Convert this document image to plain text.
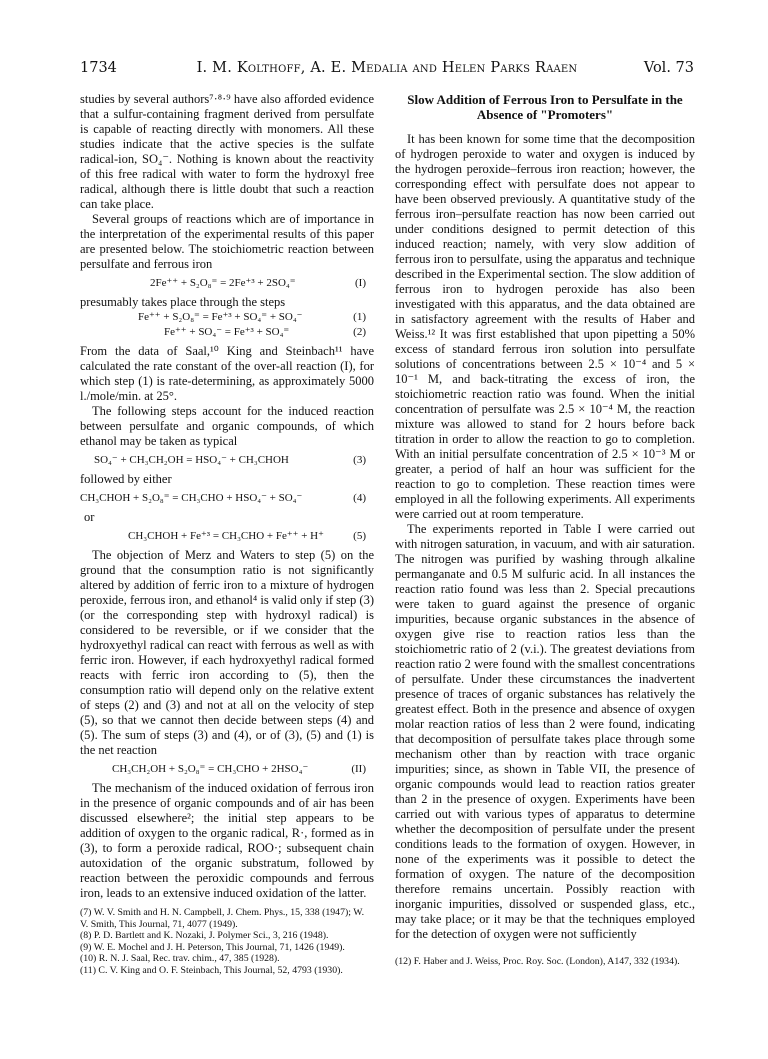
1734	I. M. Kolthoff, A. E. Medalia and Helen Parks Raaen	Vol. 73

studies by several authors⁷·⁸·⁹ have also afforded evidence that a sulfur-containing fragment derived from persulfate is capable of reacting directly with monomers. All these studies indicate that the active species is the sulfate radical-ion, SO₄⁻. Nothing is known about the reactivity of this free radical with water to form the hydroxyl free radical, although there is little doubt that such a reaction can take place.

Several groups of reactions which are of importance in the interpretation of the experimental results of this paper are presented below. The stoichiometric reaction between persulfate and ferrous iron

2Fe⁺⁺ + S₂O₈⁼ = 2Fe⁺³ + 2SO₄⁼	(I)

presumably takes place through the steps

Fe⁺⁺ + S₂O₈⁼ = Fe⁺³ + SO₄⁼ + SO₄⁻	(1)
Fe⁺⁺ + SO₄⁻ = Fe⁺³ + SO₄⁼	(2)

From the data of Saal,¹⁰ King and Steinbach¹¹ have calculated the rate constant of the over-all reaction (I), for which step (1) is rate-determining, as approximately 5000 l./mole/min. at 25°.

The following steps account for the induced reaction between persulfate and organic compounds, of which ethanol may be taken as typical

SO₄⁻ + CH₃CH₂OH = HSO₄⁻ + CH₃CHOH	(3)

followed by either

CH₃CHOH + S₂O₈⁼ = CH₃CHO + HSO₄⁻ + SO₄⁻	(4)

or

CH₃CHOH + Fe⁺³ = CH₃CHO + Fe⁺⁺ + H⁺	(5)

The objection of Merz and Waters to step (5) on the ground that the consumption ratio is not significantly altered by addition of ferric iron to a mixture of hydrogen peroxide, ferrous iron, and ethanol⁴ is valid only if step (3) (or the corresponding step with hydroxyl radical) is considered to be reversible, or if we consider that the hydroxyethyl radical can react with ferrous as well as with ferric iron. However, if each hydroxyethyl radical formed reacts with ferric iron according to (5), then the consumption ratio will depend only on the relative extent of steps (2) and (3) and not at all on the velocity of step (5), so that we cannot then decide between steps (4) and (5). The sum of steps (3) and (4), or of (3), (5) and (1) is the net reaction

CH₃CH₂OH + S₂O₈⁼ = CH₃CHO + 2HSO₄⁻	(II)

The mechanism of the induced oxidation of ferrous iron in the presence of organic compounds and of air has been discussed elsewhere²; the initial step appears to be addition of oxygen to the organic radical, R·, formed as in (3), to form a peroxide radical, ROO·; subsequent chain autoxidation of the organic substratum, followed by reaction between the peroxidic compounds and ferrous iron, leads to an extensive induced oxidation of the latter.

(7) W. V. Smith and H. N. Campbell, J. Chem. Phys., 15, 338 (1947); W. V. Smith, This Journal, 71, 4077 (1949).
(8) P. D. Bartlett and K. Nozaki, J. Polymer Sci., 3, 216 (1948).
(9) W. E. Mochel and J. H. Peterson, This Journal, 71, 1426 (1949).
(10) R. N. J. Saal, Rec. trav. chim., 47, 385 (1928).
(11) C. V. King and O. F. Steinbach, This Journal, 52, 4793 (1930).
Slow Addition of Ferrous Iron to Persulfate in the Absence of "Promoters"

It has been known for some time that the decomposition of hydrogen peroxide to water and oxygen is induced by the hydrogen peroxide–ferrous iron reaction; however, the corresponding effect with persulfate does not appear to have been observed previously. A quantitative study of the ferrous iron–persulfate reaction has now been carried out under conditions designed to permit detection of this induced reaction; namely, with very slow addition of ferrous iron to persulfate, using the apparatus and technique described in the Experimental section. The slow addition of ferrous iron to hydrogen peroxide has also been investigated with this apparatus, and the data obtained are in satisfactory agreement with the results of Haber and Weiss.¹² It was first established that upon pipetting a 50% excess of standard ferrous iron solution into persulfate solutions of concentrations between 2.5 × 10⁻⁴ and 5 × 10⁻¹ M, and back-titrating the excess of iron, the stoichiometric reaction ratio was found. When the initial concentration of persulfate was 2.5 × 10⁻⁴ M, the reaction mixture was allowed to stand for 2 hours before back titration in order to allow the reaction to go to completion. With an initial persulfate concentration of 2.5 × 10⁻³ M or greater, a period of half an hour was sufficient for the reaction to go to completion. These reaction times were employed in all the following experiments. All experiments were carried out at room temperature.

The experiments reported in Table I were carried out with nitrogen saturation, in vacuum, and with air saturation. The nitrogen was purified by washing through alkaline permanganate and 0.5 M sulfuric acid. In all instances the reaction ratio found was less than 2. Special precautions were taken to guard against the presence of organic impurities, because organic substances in the absence of oxygen give rise to reaction ratios less than the stoichiometric ratio of 2 (v.i.). The greatest deviations from reaction ratio 2 were found with the smallest concentrations of persulfate. Under these circumstances the inadvertent presence of traces of organic substances has relatively the greatest effect. Both in the presence and absence of oxygen molar reaction ratios of less than 2 were found, indicating that decomposition of persulfate takes place through some mechanism other than by reaction with trace organic impurities; since, as shown in Table VII, the presence of organic compounds would lead to reaction ratios greater than 2 in the presence of oxygen. Experiments have been carried out with various types of apparatus to determine whether the decomposition of persulfate under the present conditions leads to the formation of oxygen. However, in none of the experiments was it possible to detect the formation of oxygen. The nature of the decomposition therefore remains uncertain. Possibly reaction with inorganic impurities, dissolved or suspended glass, etc., may take place; or it may be that the techniques employed for the detection of oxygen were not sufficiently

(12) F. Haber and J. Weiss, Proc. Roy. Soc. (London), A147, 332 (1934).
